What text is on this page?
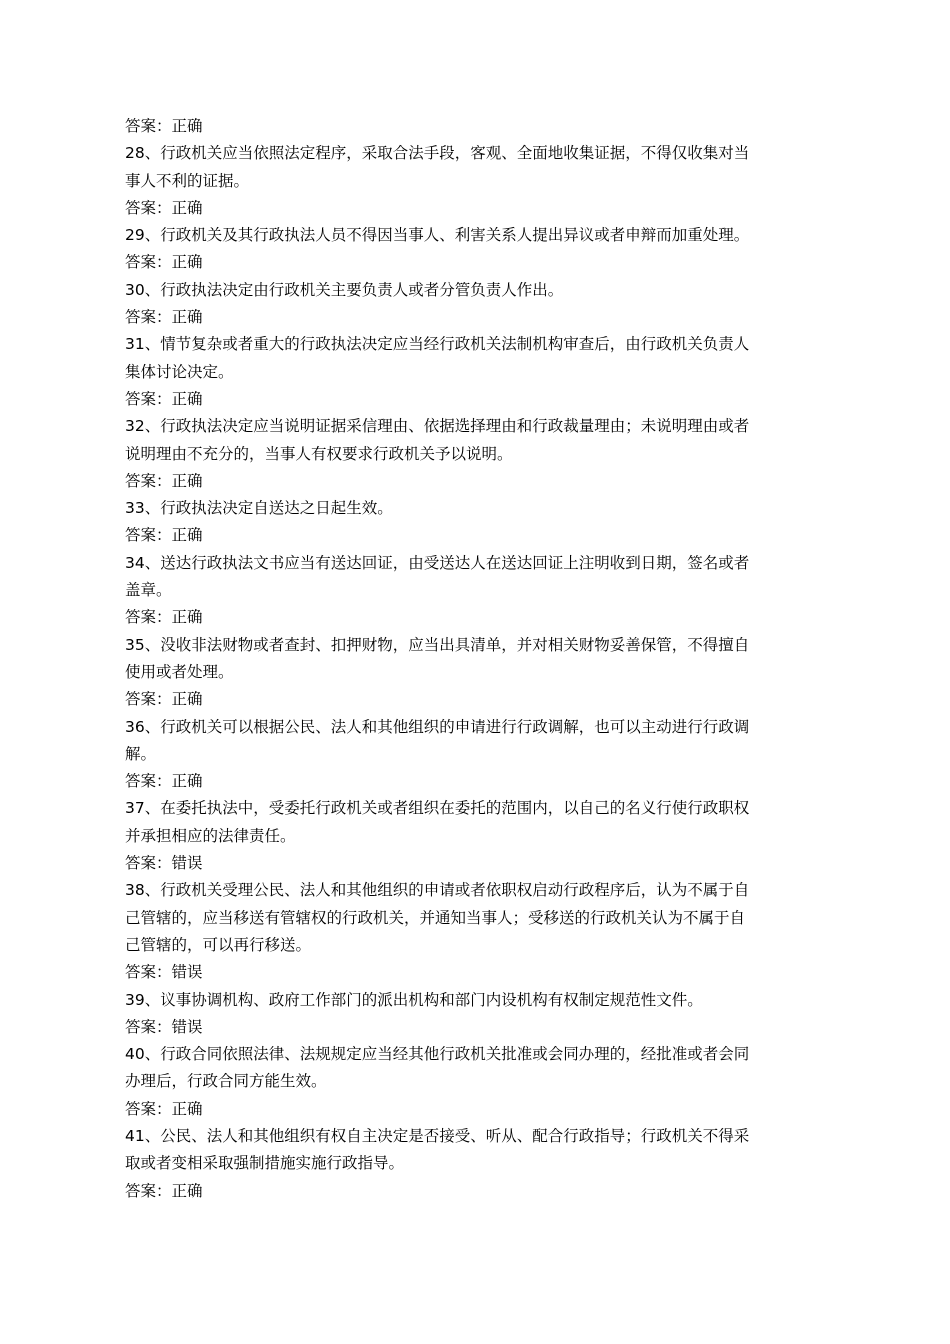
答案：正确
28、行政机关应当依照法定程序，采取合法手段，客观、全面地收集证据，不得仅收集对当
事人不利的证据。
答案：正确
29、行政机关及其行政执法人员不得因当事人、利害关系人提出异议或者申辩而加重处理。
答案：正确
30、行政执法决定由行政机关主要负责人或者分管负责人作出。
答案：正确
31、情节复杂或者重大的行政执法决定应当经行政机关法制机构审查后，由行政机关负责人
集体讨论决定。
答案：正确
32、行政执法决定应当说明证据采信理由、依据选择理由和行政裁量理由；未说明理由或者
说明理由不充分的，当事人有权要求行政机关予以说明。
答案：正确
33、行政执法决定自送达之日起生效。
答案：正确
34、送达行政执法文书应当有送达回证，由受送达人在送达回证上注明收到日期，签名或者
盖章。
答案：正确
35、没收非法财物或者查封、扣押财物，应当出具清单，并对相关财物妥善保管，不得擅自
使用或者处理。
答案：正确
36、行政机关可以根据公民、法人和其他组织的申请进行行政调解，也可以主动进行行政调
解。
答案：正确
37、在委托执法中，受委托行政机关或者组织在委托的范围内，以自己的名义行使行政职权
并承担相应的法律责任。
答案：错误
38、行政机关受理公民、法人和其他组织的申请或者依职权启动行政程序后，认为不属于自
己管辖的，应当移送有管辖权的行政机关，并通知当事人；受移送的行政机关认为不属于自
己管辖的，可以再行移送。
答案：错误
39、议事协调机构、政府工作部门的派出机构和部门内设机构有权制定规范性文件。
答案：错误
40、行政合同依照法律、法规规定应当经其他行政机关批准或会同办理的，经批准或者会同
办理后，行政合同方能生效。
答案：正确
41、公民、法人和其他组织有权自主决定是否接受、听从、配合行政指导；行政机关不得采
取或者变相采取强制措施实施行政指导。
答案：正确
